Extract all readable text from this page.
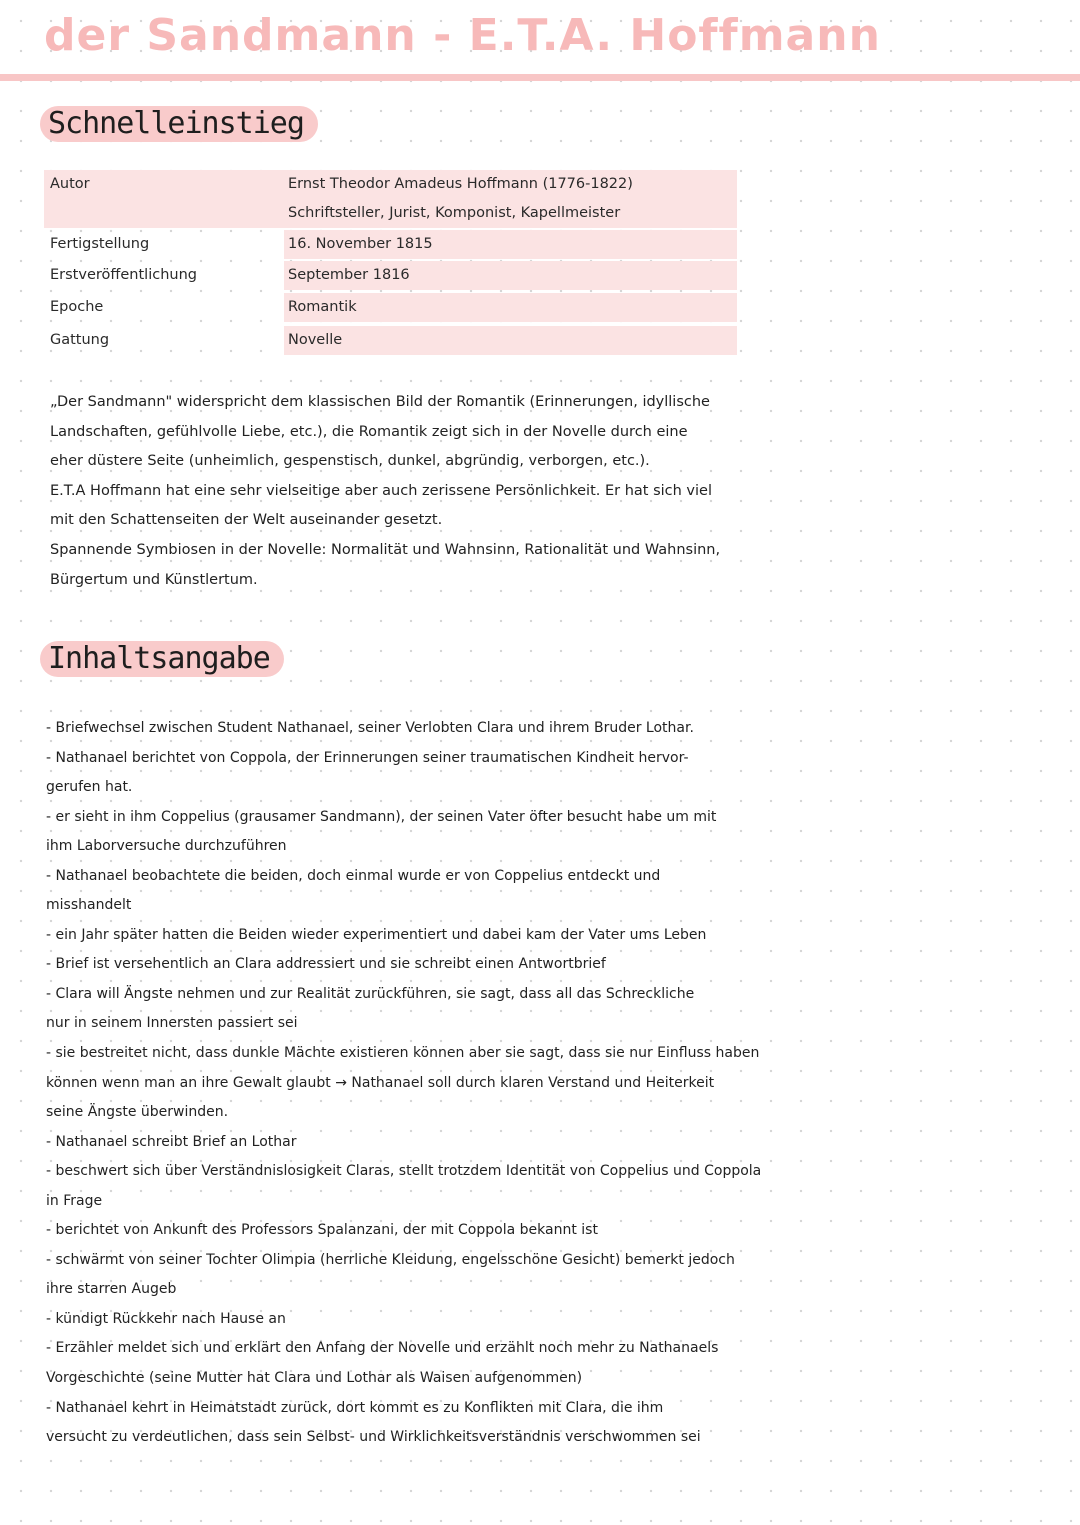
der Sandmann - E.T.A. Hoffmann
Schnelleinstieg
Autor	Ernst Theodor Amadeus Hoffmann (1776-1822)
Schriftsteller, Jurist, Komponist, Kapellmeister
Fertigstellung	16. November 1815
Erstveröffentlichung	September 1816
Epoche	Romantik
Gattung	Novelle

„Der Sandmann" widerspricht dem klassischen Bild der Romantik (Erinnerungen, idyllische

Landschaften, gefühlvolle Liebe, etc.), die Romantik zeigt sich in der Novelle durch eine

eher düstere Seite (unheimlich, gespenstisch, dunkel, abgründig, verborgen, etc.).

E.T.A Hoffmann hat eine sehr vielseitige aber auch zerissene Persönlichkeit. Er hat sich viel

mit den Schattenseiten der Welt auseinander gesetzt.

Spannende Symbiosen in der Novelle: Normalität und Wahnsinn, Rationalität und Wahnsinn,

Bürgertum und Künstlertum.

Inhaltsangabe
- Briefwechsel zwischen Student Nathanael, seiner Verlobten Clara und ihrem Bruder Lothar.
- Nathanael berichtet von Coppola, der Erinnerungen seiner traumatischen Kindheit hervor-
gerufen hat.
- er sieht in ihm Coppelius (grausamer Sandmann), der seinen Vater öfter besucht habe um mit
ihm Laborversuche durchzuführen
- Nathanael beobachtete die beiden, doch einmal wurde er von Coppelius entdeckt und
misshandelt
- ein Jahr später hatten die Beiden wieder experimentiert und dabei kam der Vater ums Leben
- Brief ist versehentlich an Clara addressiert und sie schreibt einen Antwortbrief
- Clara will Ängste nehmen und zur Realität zurückführen, sie sagt, dass all das Schreckliche
nur in seinem Innersten passiert sei
- sie bestreitet nicht, dass dunkle Mächte existieren können aber sie sagt, dass sie nur Einfluss haben
können wenn man an ihre Gewalt glaubt → Nathanael soll durch klaren Verstand und Heiterkeit
seine Ängste überwinden.
- Nathanael schreibt Brief an Lothar
- beschwert sich über Verständnislosigkeit Claras, stellt trotzdem Identität von Coppelius und Coppola
in Frage
- berichtet von Ankunft des Professors Spalanzani, der mit Coppola bekannt ist
- schwärmt von seiner Tochter Olimpia (herrliche Kleidung, engelsschöne Gesicht) bemerkt jedoch
ihre starren Augeb
- kündigt Rückkehr nach Hause an
- Erzähler meldet sich und erklärt den Anfang der Novelle und erzählt noch mehr zu Nathanaels
Vorgeschichte (seine Mutter hat Clara und Lothar als Waisen aufgenommen)
- Nathanael kehrt in Heimatstadt zurück, dort kommt es zu Konflikten mit Clara, die ihm
versucht zu verdeutlichen, dass sein Selbst- und Wirklichkeitsverständnis verschwommen sei
